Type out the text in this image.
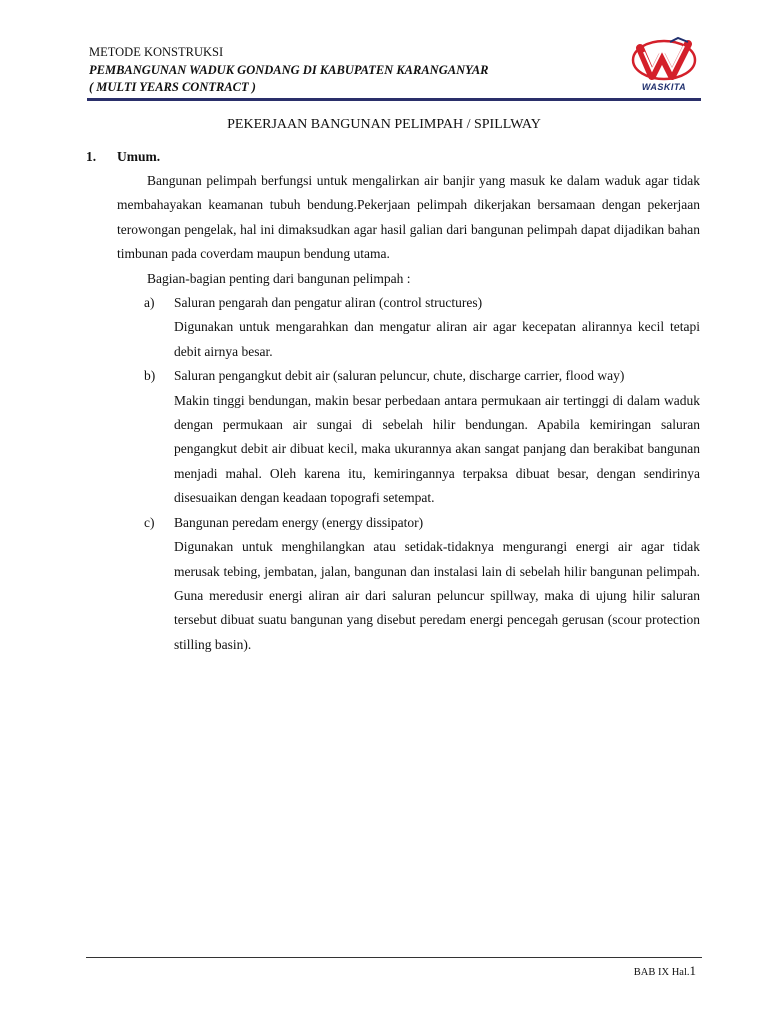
METODE KONSTRUKSI
PEMBANGUNAN WADUK GONDANG DI KABUPATEN KARANGANYAR
( MULTI YEARS CONTRACT )	WASKITA
PEKERJAAN BANGUNAN PELIMPAH / SPILLWAY
1.	Umum.
Bangunan pelimpah berfungsi untuk mengalirkan air banjir yang masuk ke dalam waduk agar tidak membahayakan keamanan tubuh bendung.Pekerjaan pelimpah dikerjakan bersamaan dengan pekerjaan terowongan pengelak, hal ini dimaksudkan agar hasil galian dari bangunan pelimpah dapat dijadikan bahan timbunan pada coverdam maupun bendung utama.
Bagian-bagian penting dari bangunan pelimpah :
a)	Saluran pengarah dan pengatur aliran (control structures)
Digunakan untuk mengarahkan dan mengatur aliran air agar kecepatan alirannya kecil tetapi debit airnya besar.
b)	Saluran pengangkut debit air (saluran peluncur, chute, discharge carrier, flood way)
Makin tinggi bendungan, makin besar perbedaan antara permukaan air tertinggi di dalam waduk dengan permukaan air sungai di sebelah hilir bendungan. Apabila kemiringan saluran pengangkut debit air dibuat kecil, maka ukurannya akan sangat panjang dan berakibat bangunan menjadi mahal. Oleh karena itu, kemiringannya terpaksa dibuat besar, dengan sendirinya disesuaikan dengan keadaan topografi setempat.
c)	Bangunan peredam energy (energy dissipator)
Digunakan untuk menghilangkan atau setidak-tidaknya mengurangi energi air agar tidak merusak tebing, jembatan, jalan, bangunan dan instalasi lain di sebelah hilir bangunan pelimpah. Guna meredusir energi aliran air dari saluran peluncur spillway, maka di ujung hilir saluran tersebut dibuat suatu bangunan yang disebut peredam energi pencegah gerusan (scour protection stilling basin).
BAB IX Hal.1
